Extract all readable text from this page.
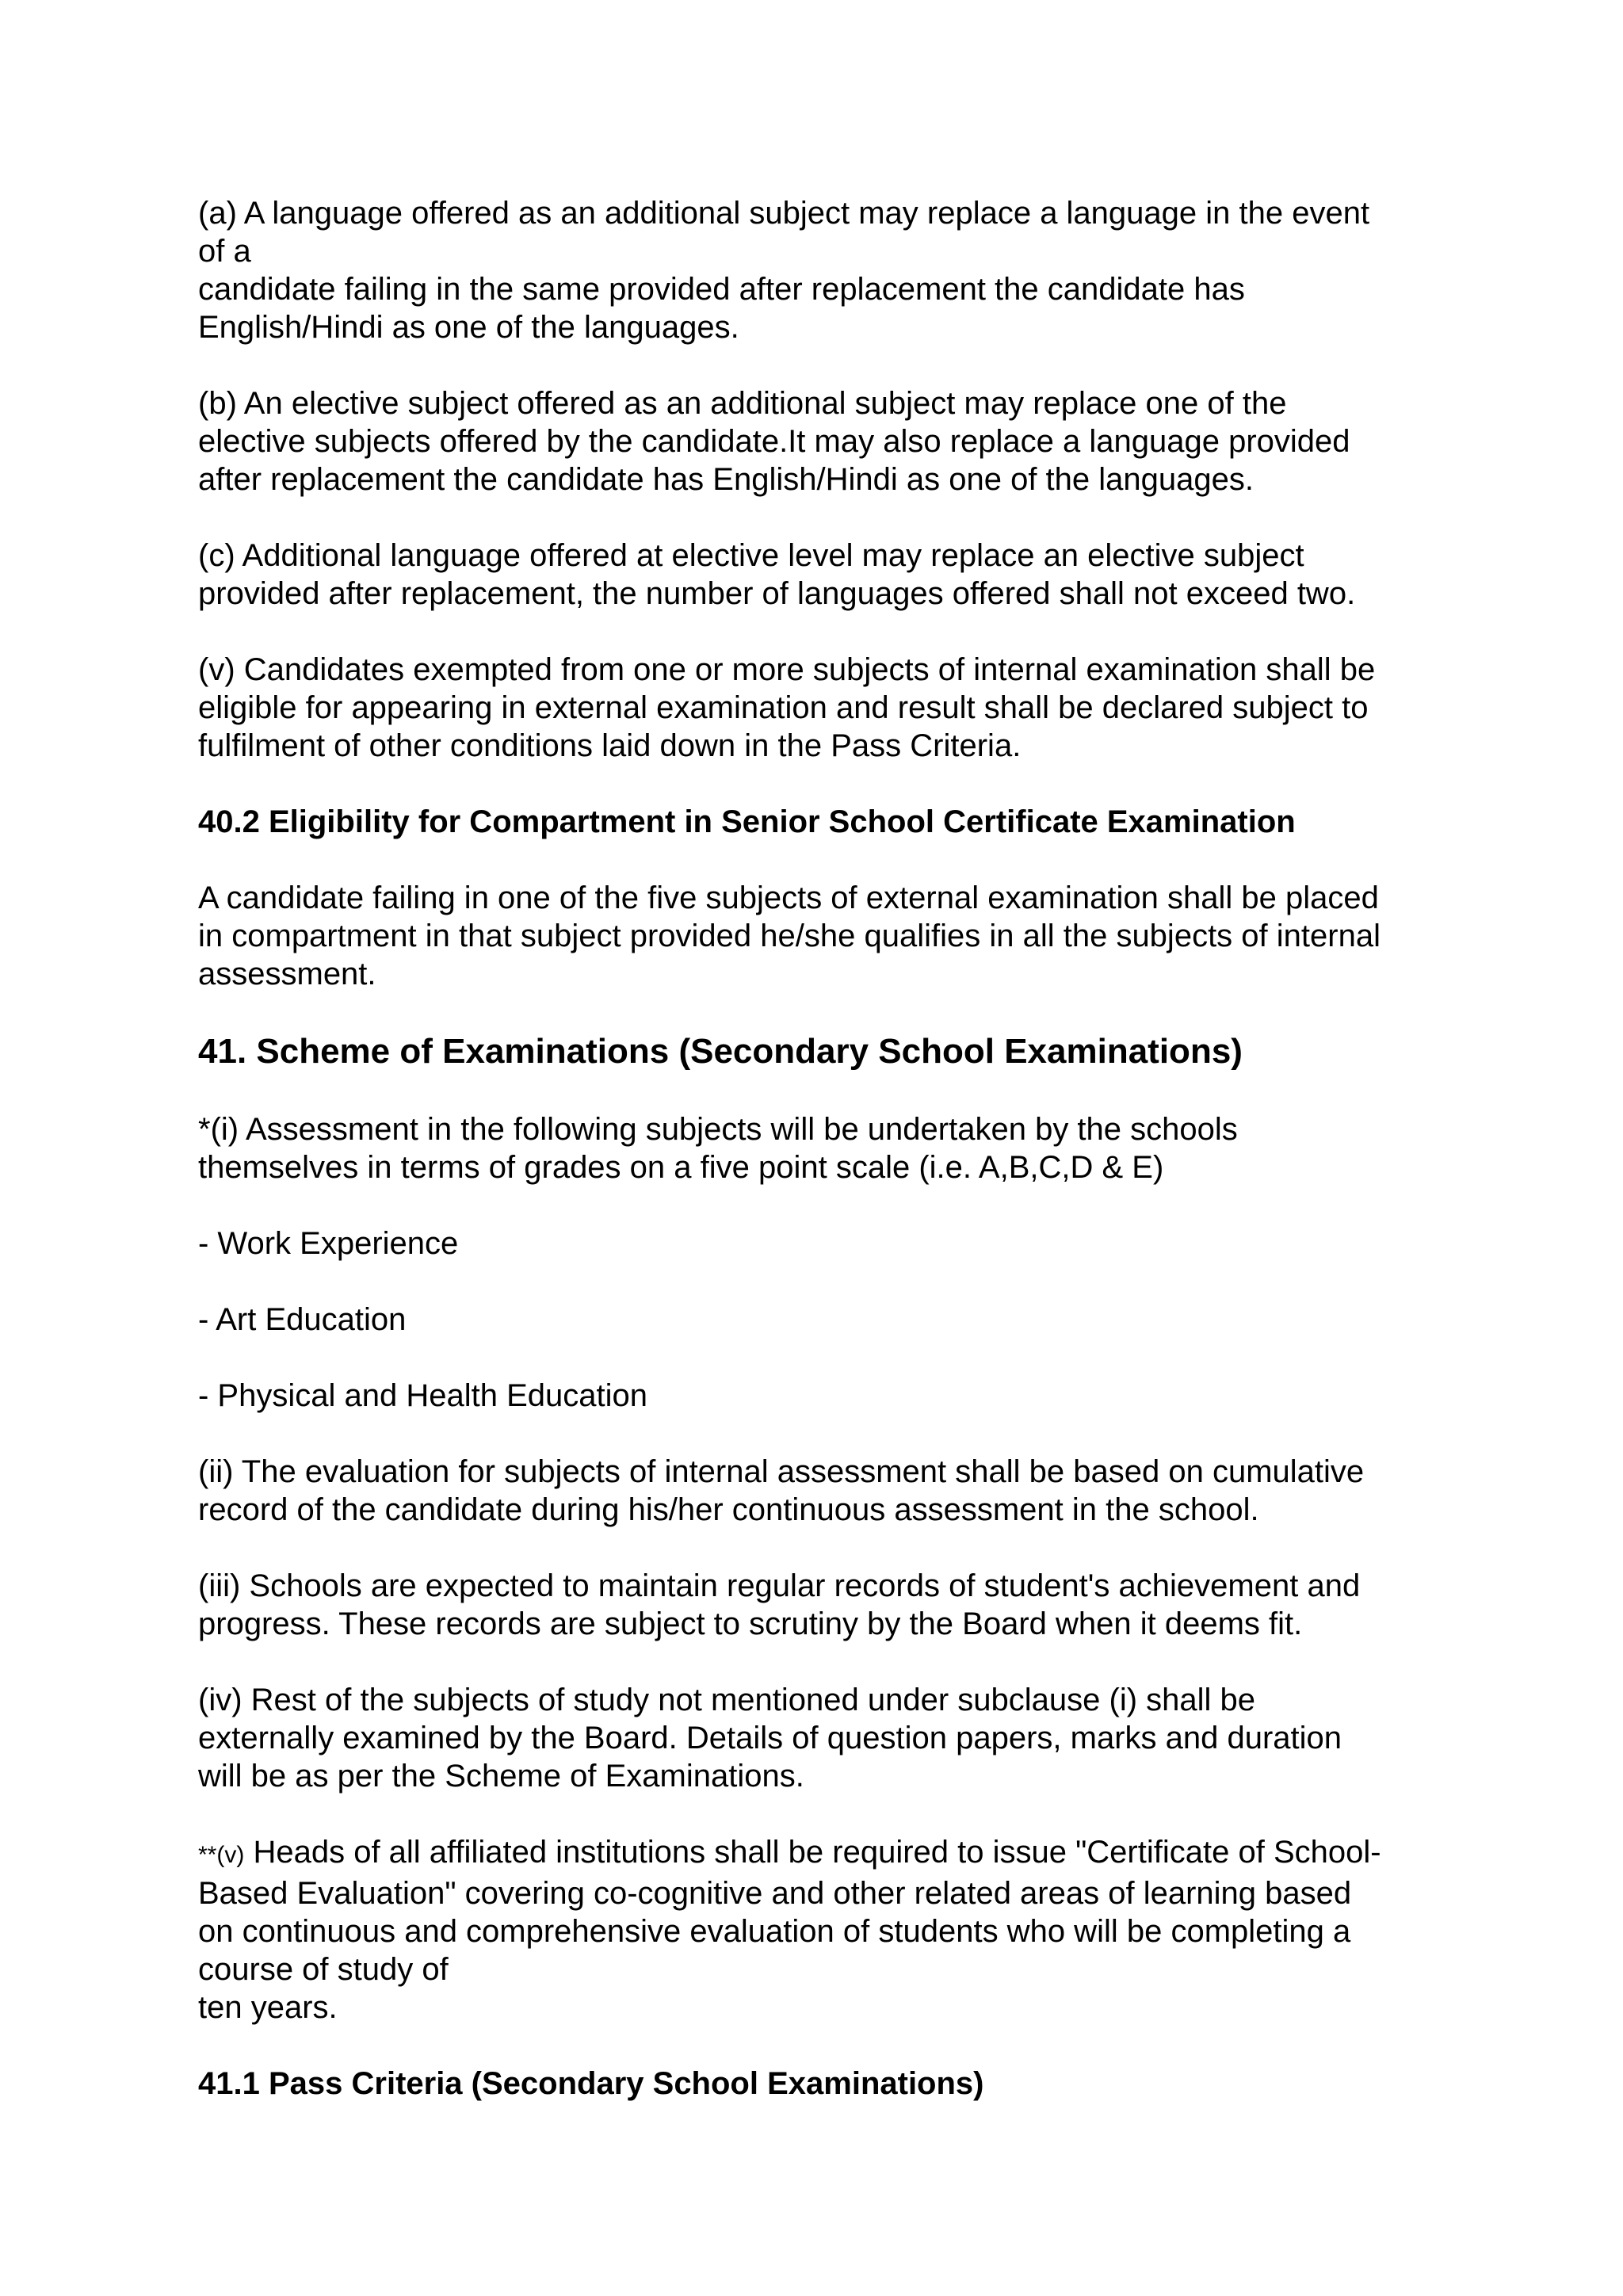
(a) A language offered as an additional subject may replace a language in the event
of a
candidate failing in the same provided after replacement the candidate has
English/Hindi as one of the languages.

(b) An elective subject offered as an additional subject may replace one of the
elective subjects offered by the candidate.It may also replace a language provided
after replacement the candidate has English/Hindi as one of the languages.

(c) Additional language offered at elective level may replace an elective subject
provided after replacement, the number of languages offered shall not exceed two.

(v) Candidates exempted from one or more subjects of internal examination shall be
eligible for appearing in external examination and result shall be declared subject to
fulfilment of other conditions laid down in the Pass Criteria.

40.2 Eligibility for Compartment in Senior School Certificate Examination

A candidate failing in one of the five subjects of external examination shall be placed
in compartment in that subject provided he/she qualifies in all the subjects of internal
assessment.

41. Scheme of Examinations (Secondary School Examinations)

*(i) Assessment in the following subjects will be undertaken by the schools
themselves in terms of grades on a five point scale (i.e. A,B,C,D & E)

- Work Experience

- Art Education

- Physical and Health Education

(ii) The evaluation for subjects of internal assessment shall be based on cumulative
record of the candidate during his/her continuous assessment in the school.

(iii) Schools are expected to maintain regular records of student's achievement and
progress. These records are subject to scrutiny by the Board when it deems fit.

(iv) Rest of the subjects of study not mentioned under subclause (i) shall be
externally examined by the Board. Details of question papers, marks and duration
will be as per the Scheme of Examinations.

**(v) Heads of all affiliated institutions shall be required to issue "Certificate of School-
Based Evaluation" covering co-cognitive and other related areas of learning based
on continuous and comprehensive evaluation of students who will be completing a
course of study of
ten years.

41.1 Pass Criteria (Secondary School Examinations)
